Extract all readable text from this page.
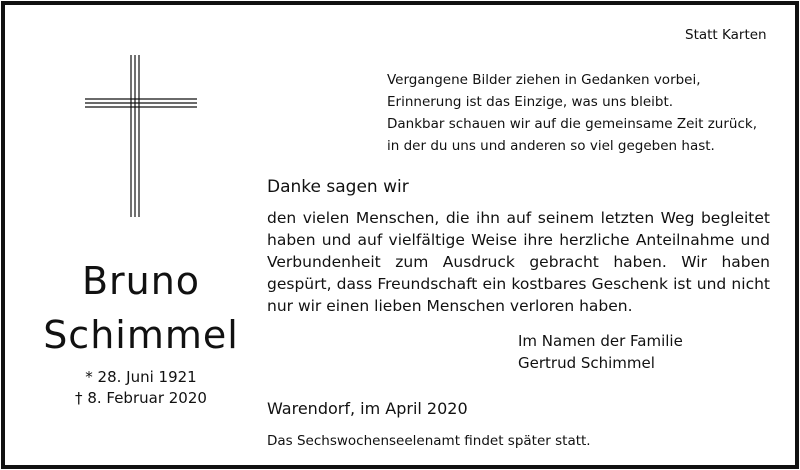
Statt Karten
Vergangene Bilder ziehen in Gedanken vorbei,
Erinnerung ist das Einzige, was uns bleibt.
Dankbar schauen wir auf die gemeinsame Zeit zurück,
in der du uns und anderen so viel gegeben hast.
Bruno
Schimmel
* 28. Juni 1921
† 8. Februar 2020
Danke sagen wir
den vielen Menschen, die ihn auf seinem letzten Weg begleitet haben und auf vielfältige Weise ihre herzliche Anteilnahme und Verbundenheit zum Ausdruck gebracht haben. Wir haben gespürt, dass Freundschaft ein kostbares Geschenk ist und nicht nur wir einen lieben Menschen verloren haben.
Im Namen der Familie
Gertrud Schimmel
Warendorf, im April 2020
Das Sechswochenseelenamt findet später statt.
